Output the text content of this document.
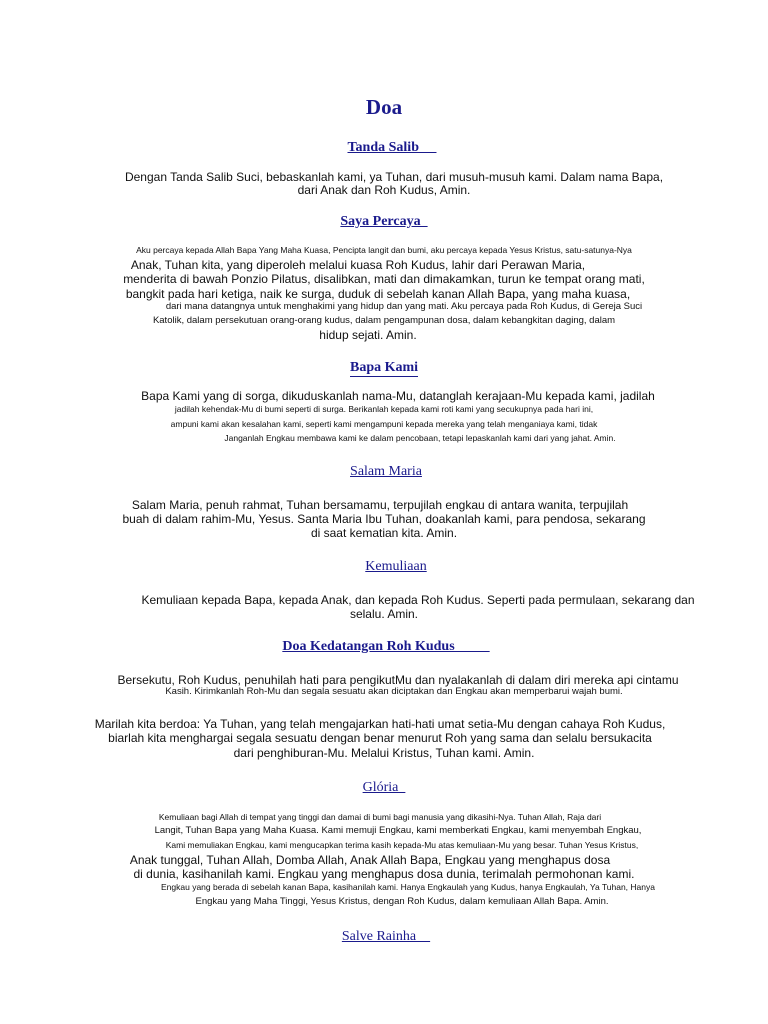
Doa
Tanda Salib
Dengan Tanda Salib Suci, bebaskanlah kami, ya Tuhan, dari musuh-musuh kami. Dalam nama Bapa,
dari Anak dan Roh Kudus, Amin.
Saya Percaya
Aku percaya kepada Allah Bapa Yang Maha Kuasa, Pencipta langit dan bumi, aku percaya kepada Yesus Kristus, satu-satunya-Nya
Anak, Tuhan kita, yang diperoleh melalui kuasa Roh Kudus, lahir dari Perawan Maria,
menderita di bawah Ponzio Pilatus, disalibkan, mati dan dimakamkan, turun ke tempat orang mati,
bangkit pada hari ketiga, naik ke surga, duduk di sebelah kanan Allah Bapa, yang maha kuasa,
dari mana datangnya untuk menghakimi yang hidup dan yang mati. Aku percaya pada Roh Kudus, di Gereja Suci
Katolik, dalam persekutuan orang-orang kudus, dalam pengampunan dosa, dalam kebangkitan daging, dalam
hidup sejati. Amin.
Bapa Kami
Bapa Kami yang di sorga, dikuduskanlah nama-Mu, datanglah kerajaan-Mu kepada kami, jadilah
jadilah kehendak-Mu di bumi seperti di surga. Berikanlah kepada kami roti kami yang secukupnya pada hari ini,
ampuni kami akan kesalahan kami, seperti kami mengampuni kepada mereka yang telah menganiaya kami, tidak
Janganlah Engkau membawa kami ke dalam pencobaan, tetapi lepaskanlah kami dari yang jahat. Amin.
Salam Maria
Salam Maria, penuh rahmat, Tuhan bersamamu, terpujilah engkau di antara wanita, terpujilah
buah di dalam rahim-Mu, Yesus. Santa Maria Ibu Tuhan, doakanlah kami, para pendosa, sekarang
di saat kematian kita. Amin.
Kemuliaan
Kemuliaan kepada Bapa, kepada Anak, dan kepada Roh Kudus. Seperti pada permulaan, sekarang dan
selalu. Amin.
Doa Kedatangan Roh Kudus
Bersekutu, Roh Kudus, penuhilah hati para pengikutMu dan nyalakanlah di dalam diri mereka api cintamu
Kasih. Kirimkanlah Roh-Mu dan segala sesuatu akan diciptakan dan Engkau akan memperbarui wajah bumi.
Marilah kita berdoa: Ya Tuhan, yang telah mengajarkan hati-hati umat setia-Mu dengan cahaya Roh Kudus,
biarlah kita menghargai segala sesuatu dengan benar menurut Roh yang sama dan selalu bersukacita
dari penghiburan-Mu. Melalui Kristus, Tuhan kami. Amin.
Glória
Kemuliaan bagi Allah di tempat yang tinggi dan damai di bumi bagi manusia yang dikasihi-Nya. Tuhan Allah, Raja dari
Langit, Tuhan Bapa yang Maha Kuasa. Kami memuji Engkau, kami memberkati Engkau, kami menyembah Engkau,
Kami memuliakan Engkau, kami mengucapkan terima kasih kepada-Mu atas kemuliaan-Mu yang besar. Tuhan Yesus Kristus,
Anak tunggal, Tuhan Allah, Domba Allah, Anak Allah Bapa, Engkau yang menghapus dosa
di dunia, kasihanilah kami. Engkau yang menghapus dosa dunia, terimalah permohonan kami.
Engkau yang berada di sebelah kanan Bapa, kasihanilah kami. Hanya Engkaulah yang Kudus, hanya Engkaulah, Ya Tuhan, Hanya
Engkau yang Maha Tinggi, Yesus Kristus, dengan Roh Kudus, dalam kemuliaan Allah Bapa. Amin.
Salve Rainha
